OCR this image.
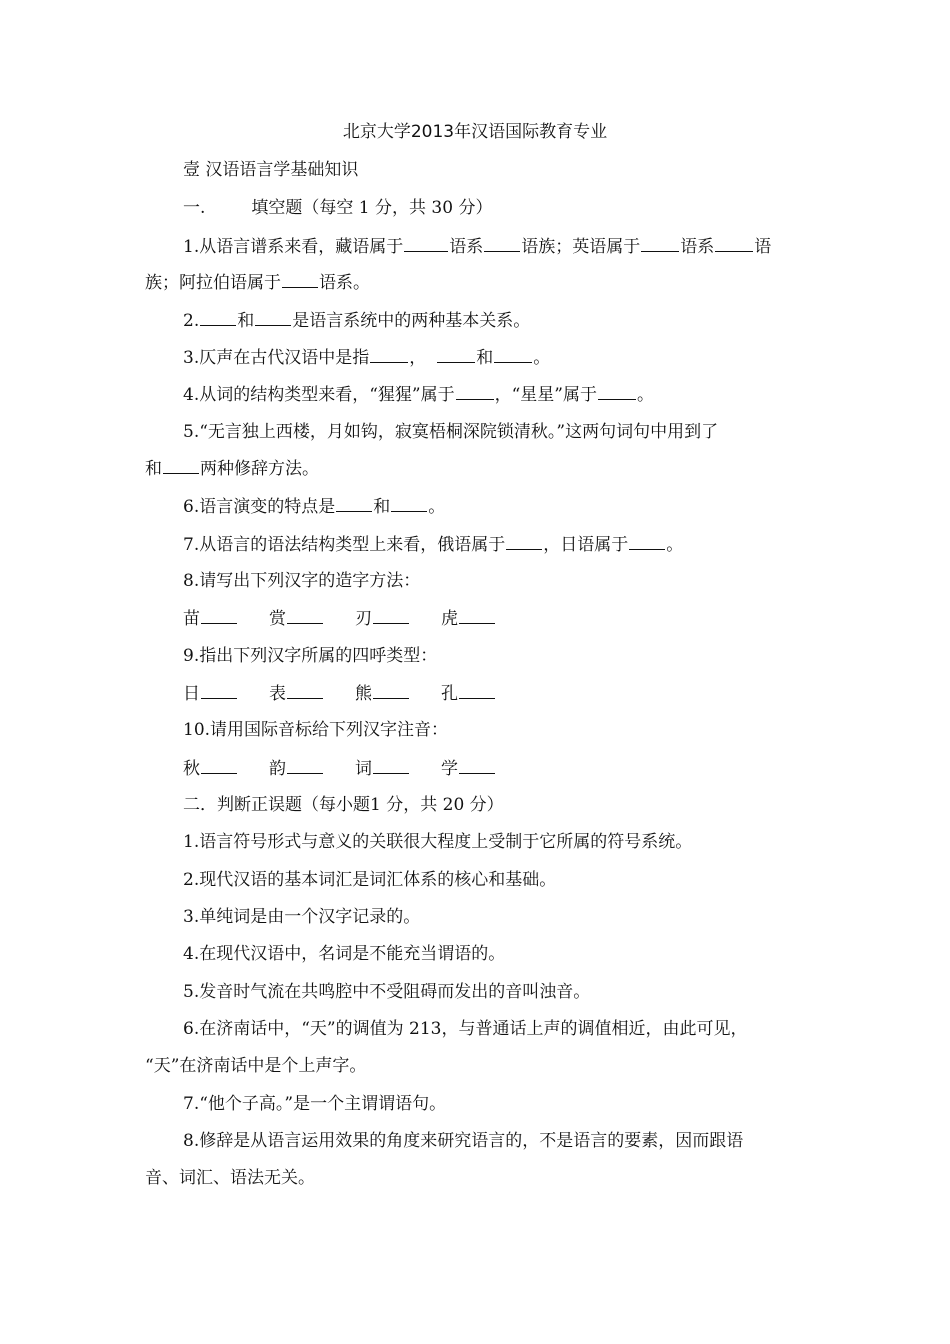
北京大学2013年汉语国际教育专业
壹 汉语语言学基础知识
一.	填空题（每空 1 分，共 30 分）
1.从语言谱系来看，藏语属于	语系 语族；英语属于 语系 语
族；阿拉伯语属于 语系。
2. 和 是语言系统中的两种基本关系。
3.仄声在古代汉语中是指 ，	和 。
4.从词的结构类型来看，“猩猩”属于 ，“星星”属于 。
5.“无言独上西楼，月如钩，寂寞梧桐深院锁清秋。”这两句词句中用到了
和 两种修辞方法。
6.语言演变的特点是 和 。
7.从语言的语法结构类型上来看，俄语属于 ，日语属于 。
8.请写出下列汉字的造字方法：
苗	赏	刃	虎
9.指出下列汉字所属的四呼类型：
日	表	熊	孔
10.请用国际音标给下列汉字注音：
秋	韵	词	学
二．判断正误题（每小题1 分，共 20 分）
1.语言符号形式与意义的关联很大程度上受制于它所属的符号系统。
2.现代汉语的基本词汇是词汇体系的核心和基础。
3.单纯词是由一个汉字记录的。
4.在现代汉语中，名词是不能充当谓语的。
5.发音时气流在共鸣腔中不受阻碍而发出的音叫浊音。
6.在济南话中，“天”的调值为 213，与普通话上声的调值相近，由此可见，
“天”在济南话中是个上声字。
7.“他个子高。”是一个主谓谓语句。
8.修辞是从语言运用效果的角度来研究语言的，不是语言的要素，因而跟语
音、词汇、语法无关。
